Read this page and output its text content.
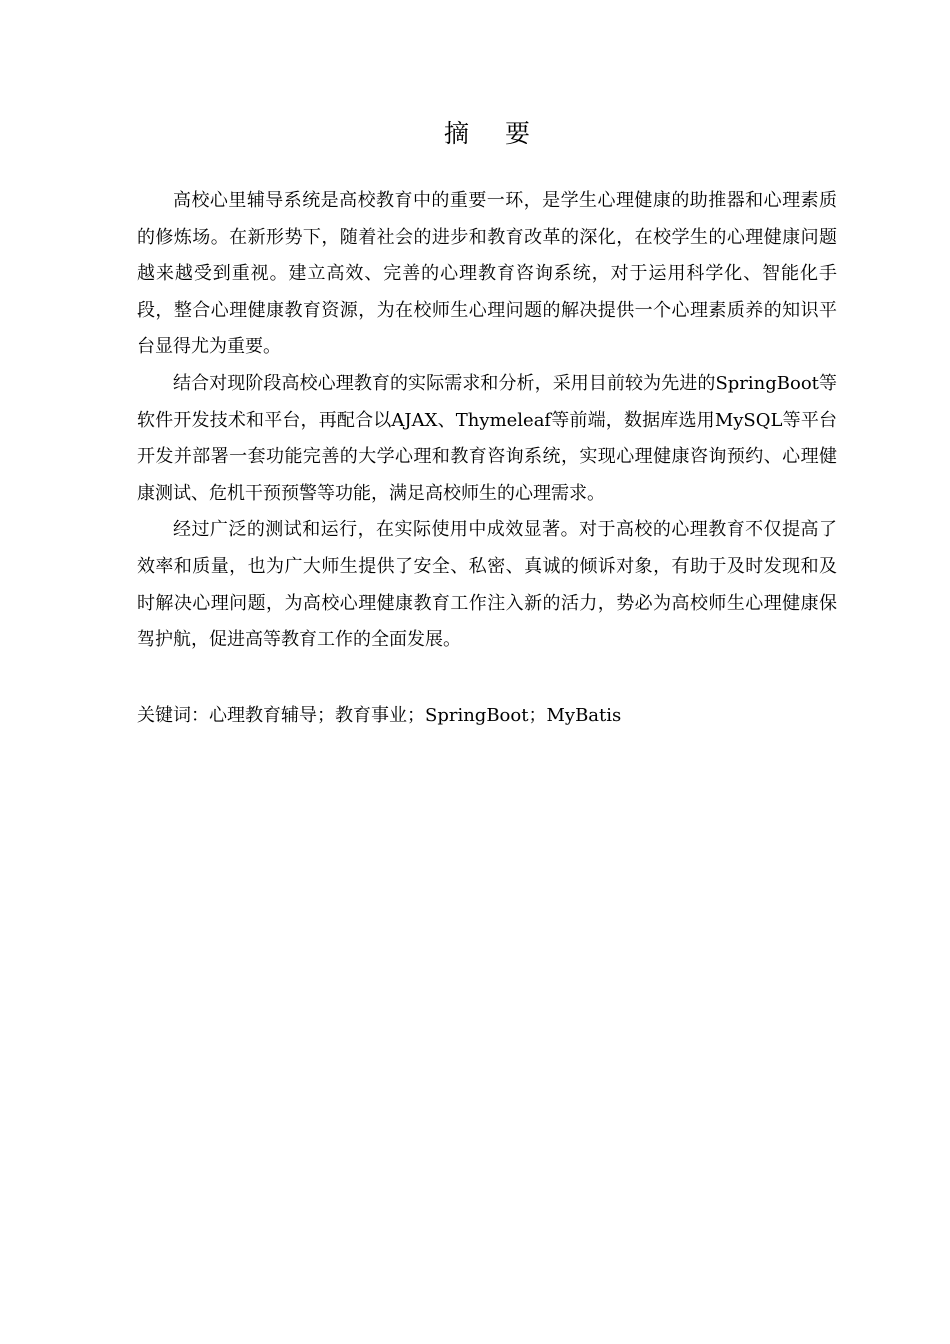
摘要

高校心里辅导系统是高校教育中的重要一环，是学生心理健康的助推器和心理素质的修炼场。在新形势下，随着社会的进步和教育改革的深化，在校学生的心理健康问题越来越受到重视。建立高效、完善的心理教育咨询系统，对于运用科学化、智能化手段，整合心理健康教育资源，为在校师生心理问题的解决提供一个心理素质养的知识平台显得尤为重要。

结合对现阶段高校心理教育的实际需求和分析，采用目前较为先进的SpringBoot等软件开发技术和平台，再配合以AJAX、Thymeleaf等前端，数据库选用MySQL等平台开发并部署一套功能完善的大学心理和教育咨询系统，实现心理健康咨询预约、心理健康测试、危机干预预警等功能，满足高校师生的心理需求。

经过广泛的测试和运行，在实际使用中成效显著。对于高校的心理教育不仅提高了效率和质量，也为广大师生提供了安全、私密、真诚的倾诉对象，有助于及时发现和及时解决心理问题，为高校心理健康教育工作注入新的活力，势必为高校师生心理健康保驾护航，促进高等教育工作的全面发展。

关键词：心理教育辅导；教育事业；SpringBoot；MyBatis
